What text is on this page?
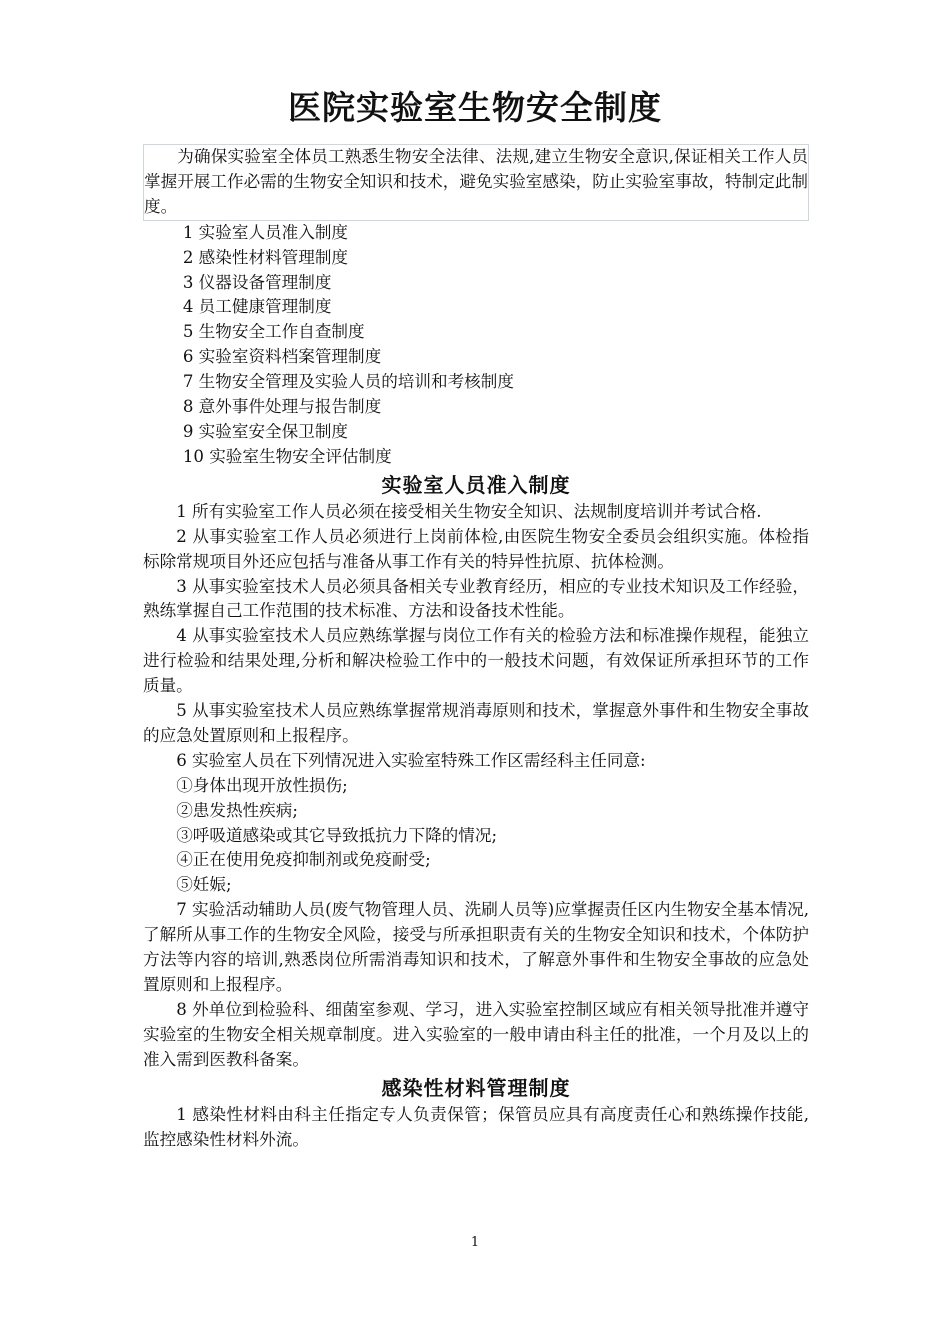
医院实验室生物安全制度

为确保实验室全体员工熟悉生物安全法律、法规,建立生物安全意识,保证相关工作人员掌握开展工作必需的生物安全知识和技术，避免实验室感染，防止实验室事故，特制定此制度。

1 实验室人员准入制度

2 感染性材料管理制度

3 仪器设备管理制度

4 员工健康管理制度

5 生物安全工作自查制度

6 实验室资料档案管理制度

7 生物安全管理及实验人员的培训和考核制度

8 意外事件处理与报告制度

9 实验室安全保卫制度

10 实验室生物安全评估制度

实验室人员准入制度

1 所有实验室工作人员必须在接受相关生物安全知识、法规制度培训并考试合格.

2 从事实验室工作人员必须进行上岗前体检,由医院生物安全委员会组织实施。体检指标除常规项目外还应包括与准备从事工作有关的特异性抗原、抗体检测。

3 从事实验室技术人员必须具备相关专业教育经历，相应的专业技术知识及工作经验，熟练掌握自己工作范围的技术标准、方法和设备技术性能。

4 从事实验室技术人员应熟练掌握与岗位工作有关的检验方法和标准操作规程，能独立进行检验和结果处理,分析和解决检验工作中的一般技术问题，有效保证所承担环节的工作质量。

5 从事实验室技术人员应熟练掌握常规消毒原则和技术，掌握意外事件和生物安全事故的应急处置原则和上报程序。

6 实验室人员在下列情况进入实验室特殊工作区需经科主任同意:

①身体出现开放性损伤;

②患发热性疾病;

③呼吸道感染或其它导致抵抗力下降的情况;

④正在使用免疫抑制剂或免疫耐受;

⑤妊娠;

7 实验活动辅助人员(废气物管理人员、洗刷人员等)应掌握责任区内生物安全基本情况,了解所从事工作的生物安全风险，接受与所承担职责有关的生物安全知识和技术，个体防护方法等内容的培训,熟悉岗位所需消毒知识和技术，了解意外事件和生物安全事故的应急处置原则和上报程序。

8 外单位到检验科、细菌室参观、学习，进入实验室控制区域应有相关领导批准并遵守实验室的生物安全相关规章制度。进入实验室的一般申请由科主任的批准，一个月及以上的准入需到医教科备案。

感染性材料管理制度

1 感染性材料由科主任指定专人负责保管；保管员应具有高度责任心和熟练操作技能,监控感染性材料外流。

1
